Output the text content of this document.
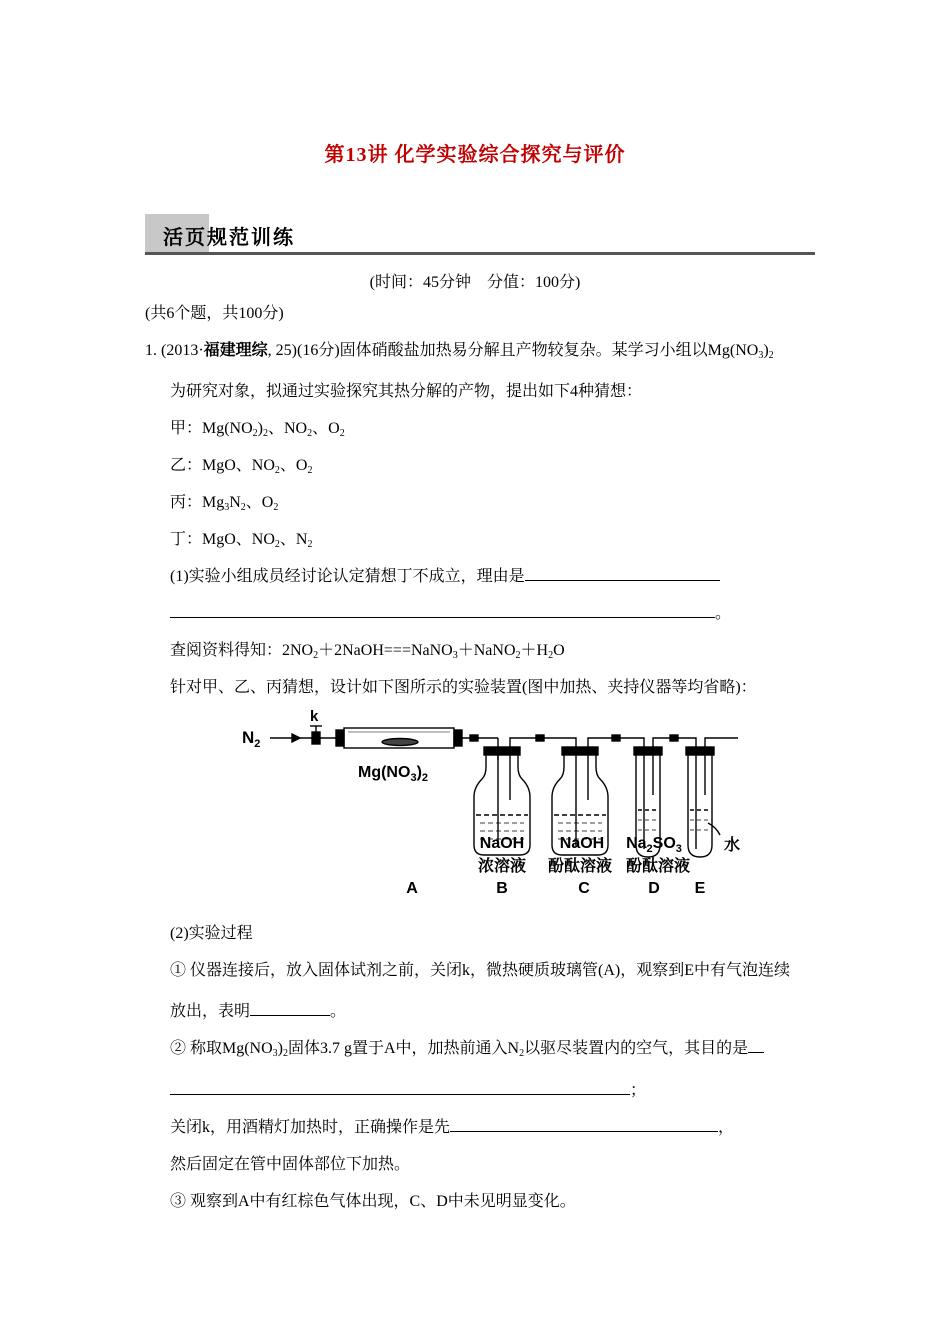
第13讲 化学实验综合探究与评价
活页规范训练
(时间：45分钟　分值：100分)
(共6个题，共100分)
1. (2013·福建理综, 25)(16分)固体硝酸盐加热易分解且产物较复杂。某学习小组以$Mg(NO_3)_2$
为研究对象，拟通过实验探究其热分解的产物，提出如下4种猜想：
甲：$Mg(NO_2)_2$、$NO_2$、$O_2$
乙：MgO、$NO_2$、$O_2$
丙：$Mg_3N_2$、$O_2$
丁：MgO、$NO_2$、$N_2$
(1)实验小组成员经讨论认定猜想丁不成立，理由是
。
查阅资料得知：$2NO_2+2NaOH===NaNO_3+NaNO_2+H_2O$
针对甲、乙、丙猜想，设计如下图所示的实验装置(图中加热、夹持仪器等均省略)：
$N_2$
k
$Mg(NO_3)_2$
NaOH NaOH $Na_2SO_3$	水
A	B	C	D E
浓溶液 酚酞溶液 酚酞溶液
(2)实验过程
① 仪器连接后，放入固体试剂之前，关闭k，微热硬质玻璃管(A)，观察到E中有气泡连续
放出，表明	。
② 称取$Mg(NO_3)_2$固体3.7 g置于A中，加热前通入$N_2$以驱尽装置内的空气，其目的是
；
关闭k，用酒精灯加热时，正确操作是先	，
然后固定在管中固体部位下加热。
③ 观察到A中有红棕色气体出现，C、D中未见明显变化。
